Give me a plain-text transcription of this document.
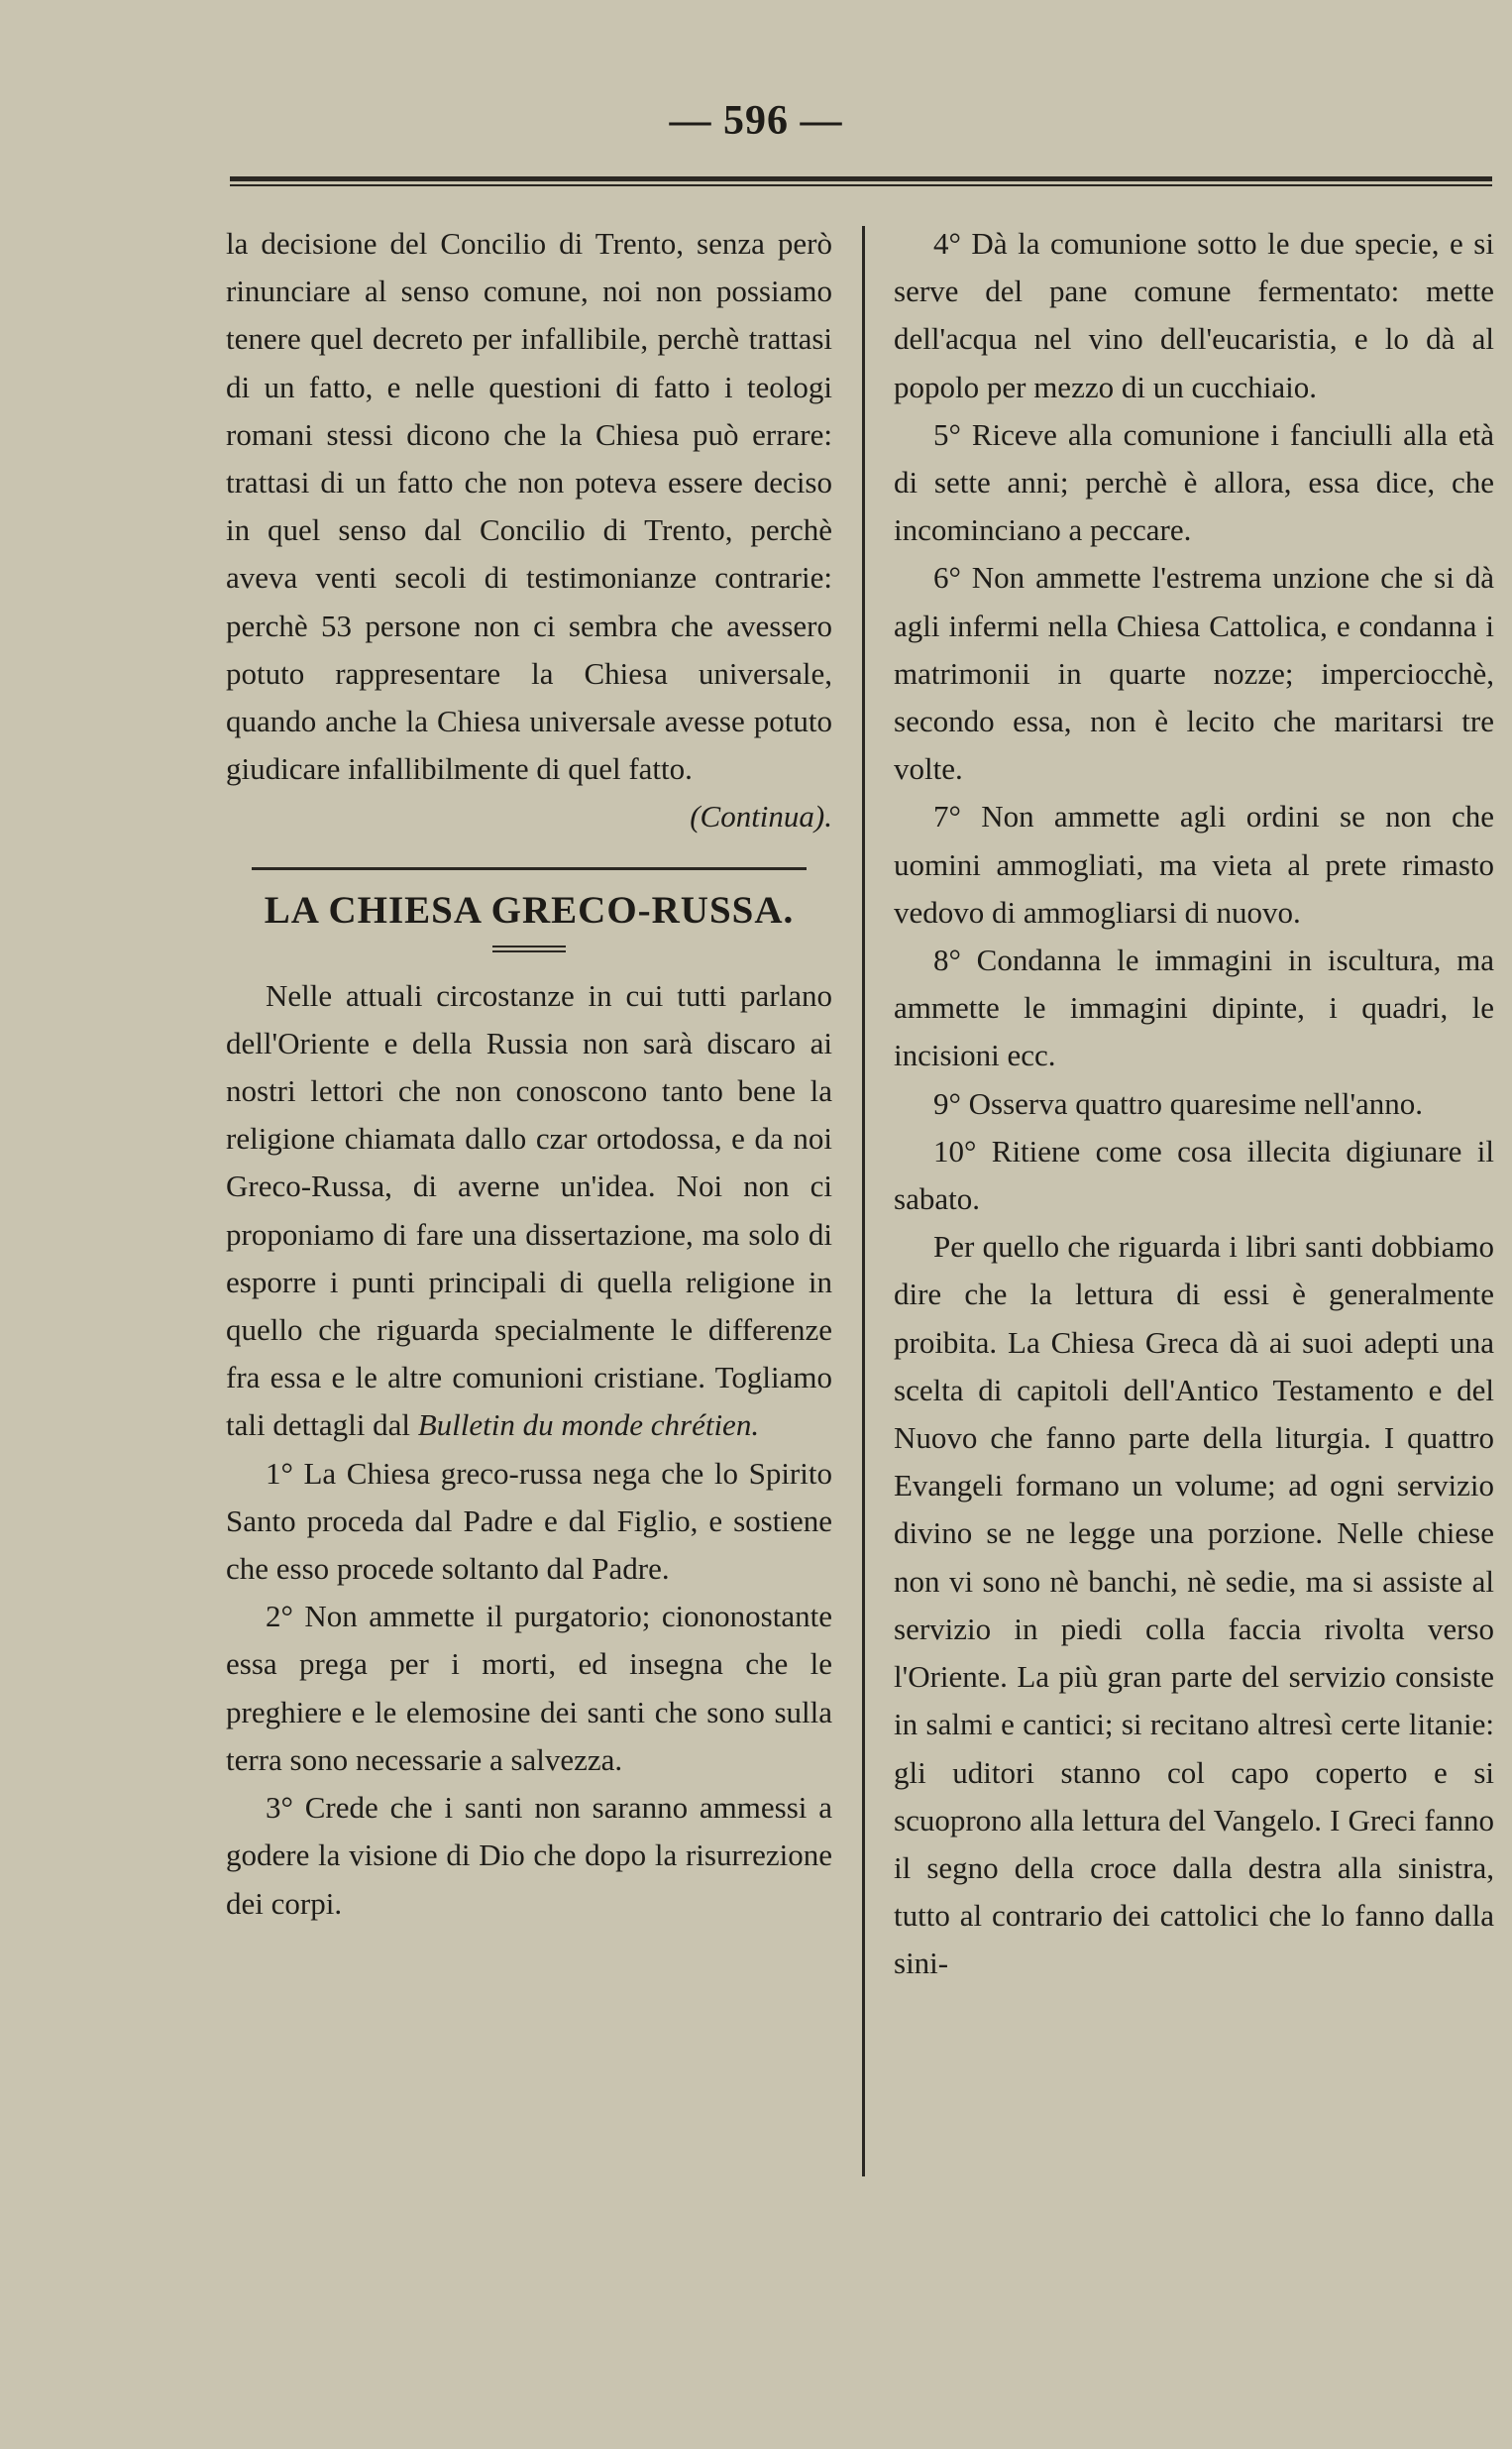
— 596 —

la decisione del Concilio di Trento, senza però rinunciare al senso comune, noi non possiamo tenere quel decreto per infallibile, perchè trattasi di un fatto, e nelle questioni di fatto i teologi romani stessi dicono che la Chiesa può errare: trattasi di un fatto che non poteva essere deciso in quel senso dal Concilio di Trento, perchè aveva venti secoli di testimonianze contrarie: perchè 53 persone non ci sembra che avessero potuto rappresentare la Chiesa universale, quando anche la Chiesa universale avesse potuto giudicare infallibilmente di quel fatto.
(Continua).

LA CHIESA GRECO-RUSSA.

Nelle attuali circostanze in cui tutti parlano dell'Oriente e della Russia non sarà discaro ai nostri lettori che non conoscono tanto bene la religione chiamata dallo czar ortodossa, e da noi Greco-Russa, di averne un'idea. Noi non ci proponiamo di fare una dissertazione, ma solo di esporre i punti principali di quella religione in quello che riguarda specialmente le differenze fra essa e le altre comunioni cristiane. Togliamo tali dettagli dal Bulletin du monde chrétien.

1° La Chiesa greco-russa nega che lo Spirito Santo proceda dal Padre e dal Figlio, e sostiene che esso procede soltanto dal Padre.

2° Non ammette il purgatorio; ciononostante essa prega per i morti, ed insegna che le preghiere e le elemosine dei santi che sono sulla terra sono necessarie a salvezza.

3° Crede che i santi non saranno ammessi a godere la visione di Dio che dopo la risurrezione dei corpi.

4° Dà la comunione sotto le due specie, e si serve del pane comune fermentato: mette dell'acqua nel vino dell'eucaristia, e lo dà al popolo per mezzo di un cucchiaio.

5° Riceve alla comunione i fanciulli alla età di sette anni; perchè è allora, essa dice, che incominciano a peccare.

6° Non ammette l'estrema unzione che si dà agli infermi nella Chiesa Cattolica, e condanna i matrimonii in quarte nozze; imperciocchè, secondo essa, non è lecito che maritarsi tre volte.

7° Non ammette agli ordini se non che uomini ammogliati, ma vieta al prete rimasto vedovo di ammogliarsi di nuovo.

8° Condanna le immagini in iscultura, ma ammette le immagini dipinte, i quadri, le incisioni ecc.

9° Osserva quattro quaresime nell'anno.

10° Ritiene come cosa illecita digiunare il sabato.

Per quello che riguarda i libri santi dobbiamo dire che la lettura di essi è generalmente proibita. La Chiesa Greca dà ai suoi adepti una scelta di capitoli dell'Antico Testamento e del Nuovo che fanno parte della liturgia. I quattro Evangeli formano un volume; ad ogni servizio divino se ne legge una porzione. Nelle chiese non vi sono nè banchi, nè sedie, ma si assiste al servizio in piedi colla faccia rivolta verso l'Oriente. La più gran parte del servizio consiste in salmi e cantici; si recitano altresì certe litanie: gli uditori stanno col capo coperto e si scuoprono alla lettura del Vangelo. I Greci fanno il segno della croce dalla destra alla sinistra, tutto al contrario dei cattolici che lo fanno dalla sini-
